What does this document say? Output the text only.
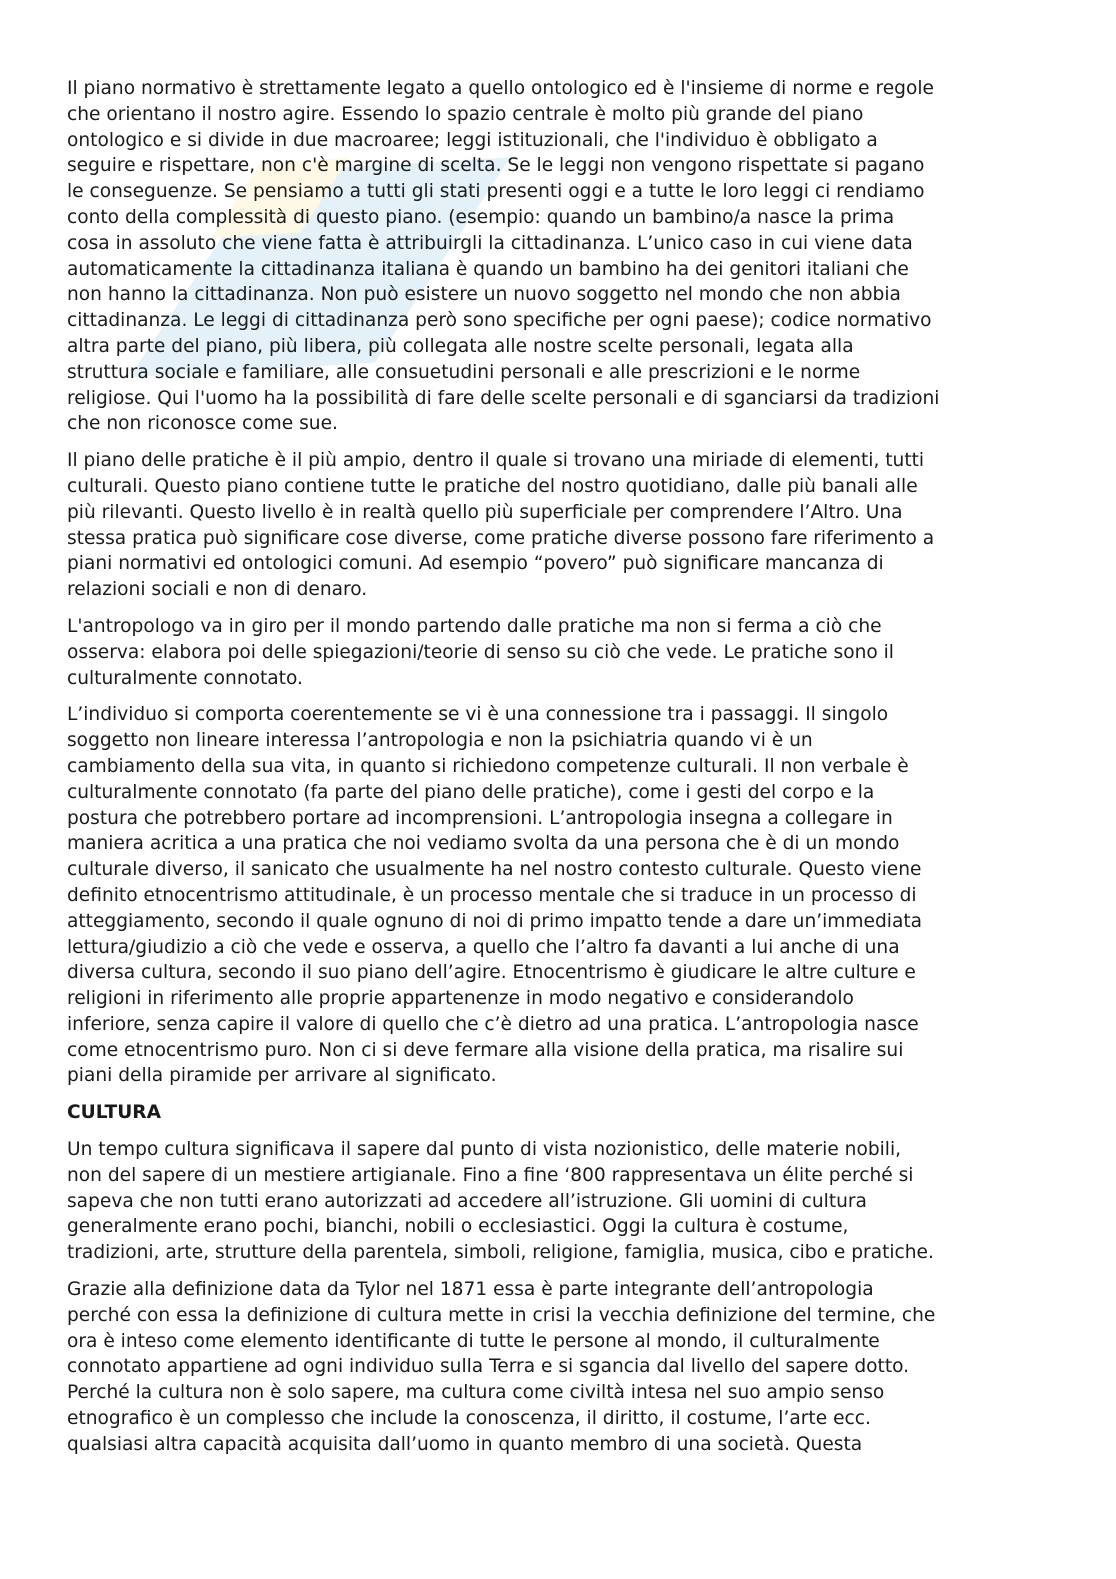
Il piano normativo è strettamente legato a quello ontologico ed è l'insieme di norme e regole
che orientano il nostro agire. Essendo lo spazio centrale è molto più grande del piano
ontologico e si divide in due macroaree; leggi istituzionali, che l'individuo è obbligato a
seguire e rispettare, non c'è margine di scelta. Se le leggi non vengono rispettate si pagano
le conseguenze. Se pensiamo a tutti gli stati presenti oggi e a tutte le loro leggi ci rendiamo
conto della complessità di questo piano. (esempio: quando un bambino/a nasce la prima
cosa in assoluto che viene fatta è attribuirgli la cittadinanza. L’unico caso in cui viene data
automaticamente la cittadinanza italiana è quando un bambino ha dei genitori italiani che
non hanno la cittadinanza. Non può esistere un nuovo soggetto nel mondo che non abbia
cittadinanza. Le leggi di cittadinanza però sono specifiche per ogni paese); codice normativo
altra parte del piano, più libera, più collegata alle nostre scelte personali, legata alla
struttura sociale e familiare, alle consuetudini personali e alle prescrizioni e le norme
religiose. Qui l'uomo ha la possibilità di fare delle scelte personali e di sganciarsi da tradizioni
che non riconosce come sue.

Il piano delle pratiche è il più ampio, dentro il quale si trovano una miriade di elementi, tutti
culturali. Questo piano contiene tutte le pratiche del nostro quotidiano, dalle più banali alle
più rilevanti. Questo livello è in realtà quello più superficiale per comprendere l’Altro. Una
stessa pratica può significare cose diverse, come pratiche diverse possono fare riferimento a
piani normativi ed ontologici comuni. Ad esempio “povero” può significare mancanza di
relazioni sociali e non di denaro.

L'antropologo va in giro per il mondo partendo dalle pratiche ma non si ferma a ciò che
osserva: elabora poi delle spiegazioni/teorie di senso su ciò che vede. Le pratiche sono il
culturalmente connotato.

L’individuo si comporta coerentemente se vi è una connessione tra i passaggi. Il singolo
soggetto non lineare interessa l’antropologia e non la psichiatria quando vi è un
cambiamento della sua vita, in quanto si richiedono competenze culturali. Il non verbale è
culturalmente connotato (fa parte del piano delle pratiche), come i gesti del corpo e la
postura che potrebbero portare ad incomprensioni. L’antropologia insegna a collegare in
maniera acritica a una pratica che noi vediamo svolta da una persona che è di un mondo
culturale diverso, il sanicato che usualmente ha nel nostro contesto culturale. Questo viene
definito etnocentrismo attitudinale, è un processo mentale che si traduce in un processo di
atteggiamento, secondo il quale ognuno di noi di primo impatto tende a dare un’immediata
lettura/giudizio a ciò che vede e osserva, a quello che l’altro fa davanti a lui anche di una
diversa cultura, secondo il suo piano dell’agire. Etnocentrismo è giudicare le altre culture e
religioni in riferimento alle proprie appartenenze in modo negativo e considerandolo
inferiore, senza capire il valore di quello che c’è dietro ad una pratica. L’antropologia nasce
come etnocentrismo puro. Non ci si deve fermare alla visione della pratica, ma risalire sui
piani della piramide per arrivare al significato.

CULTURA

Un tempo cultura significava il sapere dal punto di vista nozionistico, delle materie nobili,
non del sapere di un mestiere artigianale. Fino a fine ‘800 rappresentava un élite perché si
sapeva che non tutti erano autorizzati ad accedere all’istruzione. Gli uomini di cultura
generalmente erano pochi, bianchi, nobili o ecclesiastici. Oggi la cultura è costume,
tradizioni, arte, strutture della parentela, simboli, religione, famiglia, musica, cibo e pratiche.

Grazie alla definizione data da Tylor nel 1871 essa è parte integrante dell’antropologia
perché con essa la definizione di cultura mette in crisi la vecchia definizione del termine, che
ora è inteso come elemento identificante di tutte le persone al mondo, il culturalmente
connotato appartiene ad ogni individuo sulla Terra e si sgancia dal livello del sapere dotto.
Perché la cultura non è solo sapere, ma cultura come civiltà intesa nel suo ampio senso
etnografico è un complesso che include la conoscenza, il diritto, il costume, l’arte ecc.
qualsiasi altra capacità acquisita dall’uomo in quanto membro di una società. Questa
